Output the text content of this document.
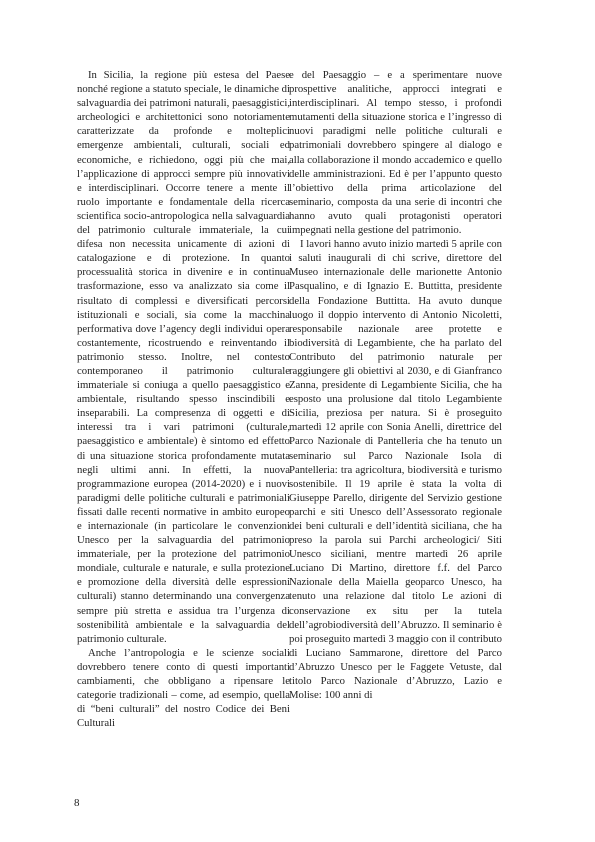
In Sicilia, la regione più estesa del Paese nonché regione a statuto speciale, le dinamiche di salvaguardia dei patrimoni naturali, paesaggistici, archeologici e architettonici sono notoriamente caratterizzate da profonde e molteplici emergenze ambientali, culturali, sociali ed economiche, e richiedono, oggi più che mai, l’applicazione di approcci sempre più innovativi e interdisciplinari. Occorre tenere a mente il ruolo importante e fondamentale della ricerca scientifica socio-antropologica nella salvaguardia del patrimonio culturale immateriale, la cui difesa non necessita unicamente di azioni di catalogazione e di protezione. In quanto processualità storica in divenire e in continua trasformazione, esso va analizzato sia come il risultato di complessi e diversificati percorsi istituzionali e sociali, sia come la macchina performativa dove l’agency degli individui opera costantemente, ricostruendo e reinventando il patrimonio stesso. Inoltre, nel contesto contemporaneo il patrimonio culturale immateriale si coniuga a quello paesaggistico e ambientale, risultando spesso inscindibili e inseparabili. La compresenza di oggetti e di interessi tra i vari patrimoni (culturale, paesaggistico e ambientale) è sintomo ed effetto di una situazione storica profondamente mutata negli ultimi anni. In effetti, la nuova programmazione europea (2014-2020) e i nuovi paradigmi delle politiche culturali e patrimoniali fissati dalle recenti normative in ambito europeo e internazionale (in particolare le convenzioni Unesco per la salvaguardia del patrimonio immateriale, per la protezione del patrimonio mondiale, culturale e naturale, e sulla protezione e promozione della diversità delle espressioni culturali) stanno determinando una convergenza sempre più stretta e assidua tra l’urgenza di sostenibilità ambientale e la salvaguardia del patrimonio culturale.

Anche l’antropologia e le scienze sociali dovrebbero tenere conto di questi importanti cambiamenti, che obbligano a ripensare le categorie tradizionali – come, ad esempio, quella di “beni culturali” del nostro Codice dei Beni Culturali

e del Paesaggio – e a sperimentare nuove prospettive analitiche, approcci integrati e interdisciplinari. Al tempo stesso, i profondi mutamenti della situazione storica e l’ingresso di nuovi paradigmi nelle politiche culturali e patrimoniali dovrebbero spingere al dialogo e alla collaborazione il mondo accademico e quello delle amministrazioni. Ed è per l’appunto questo l’obiettivo della prima articolazione del seminario, composta da una serie di incontri che hanno avuto quali protagonisti operatori impegnati nella gestione del patrimonio.

I lavori hanno avuto inizio martedì 5 aprile con i saluti inaugurali di chi scrive, direttore del Museo internazionale delle marionette Antonio Pasqualino, e di Ignazio E. Buttitta, presidente della Fondazione Buttitta. Ha avuto dunque luogo il doppio intervento di Antonio Nicoletti, responsabile nazionale aree protette e biodiversità di Legambiente, che ha parlato del Contributo del patrimonio naturale per raggiungere gli obiettivi al 2030, e di Gianfranco Zanna, presidente di Legambiente Sicilia, che ha esposto una prolusione dal titolo Legambiente Sicilia, preziosa per natura. Si è proseguito martedì 12 aprile con Sonia Anelli, direttrice del Parco Nazionale di Pantelleria che ha tenuto un seminario sul Parco Nazionale Isola di Pantelleria: tra agricoltura, biodiversità e turismo sostenibile. Il 19 aprile è stata la volta di Giuseppe Parello, dirigente del Servizio gestione parchi e siti Unesco dell’Assessorato regionale dei beni culturali e dell’identità siciliana, che ha preso la parola sui Parchi archeologici/ Siti Unesco siciliani, mentre martedì 26 aprile Luciano Di Martino, direttore f.f. del Parco Nazionale della Maiella geoparco Unesco, ha tenuto una relazione dal titolo Le azioni di conservazione ex situ per la tutela dell’agrobiodiversità dell’Abruzzo. Il seminario è poi proseguito martedì 3 maggio con il contributo di Luciano Sammarone, direttore del Parco d’Abruzzo Unesco per le Faggete Vetuste, dal titolo Parco Nazionale d’Abruzzo, Lazio e Molise: 100 anni di

8
